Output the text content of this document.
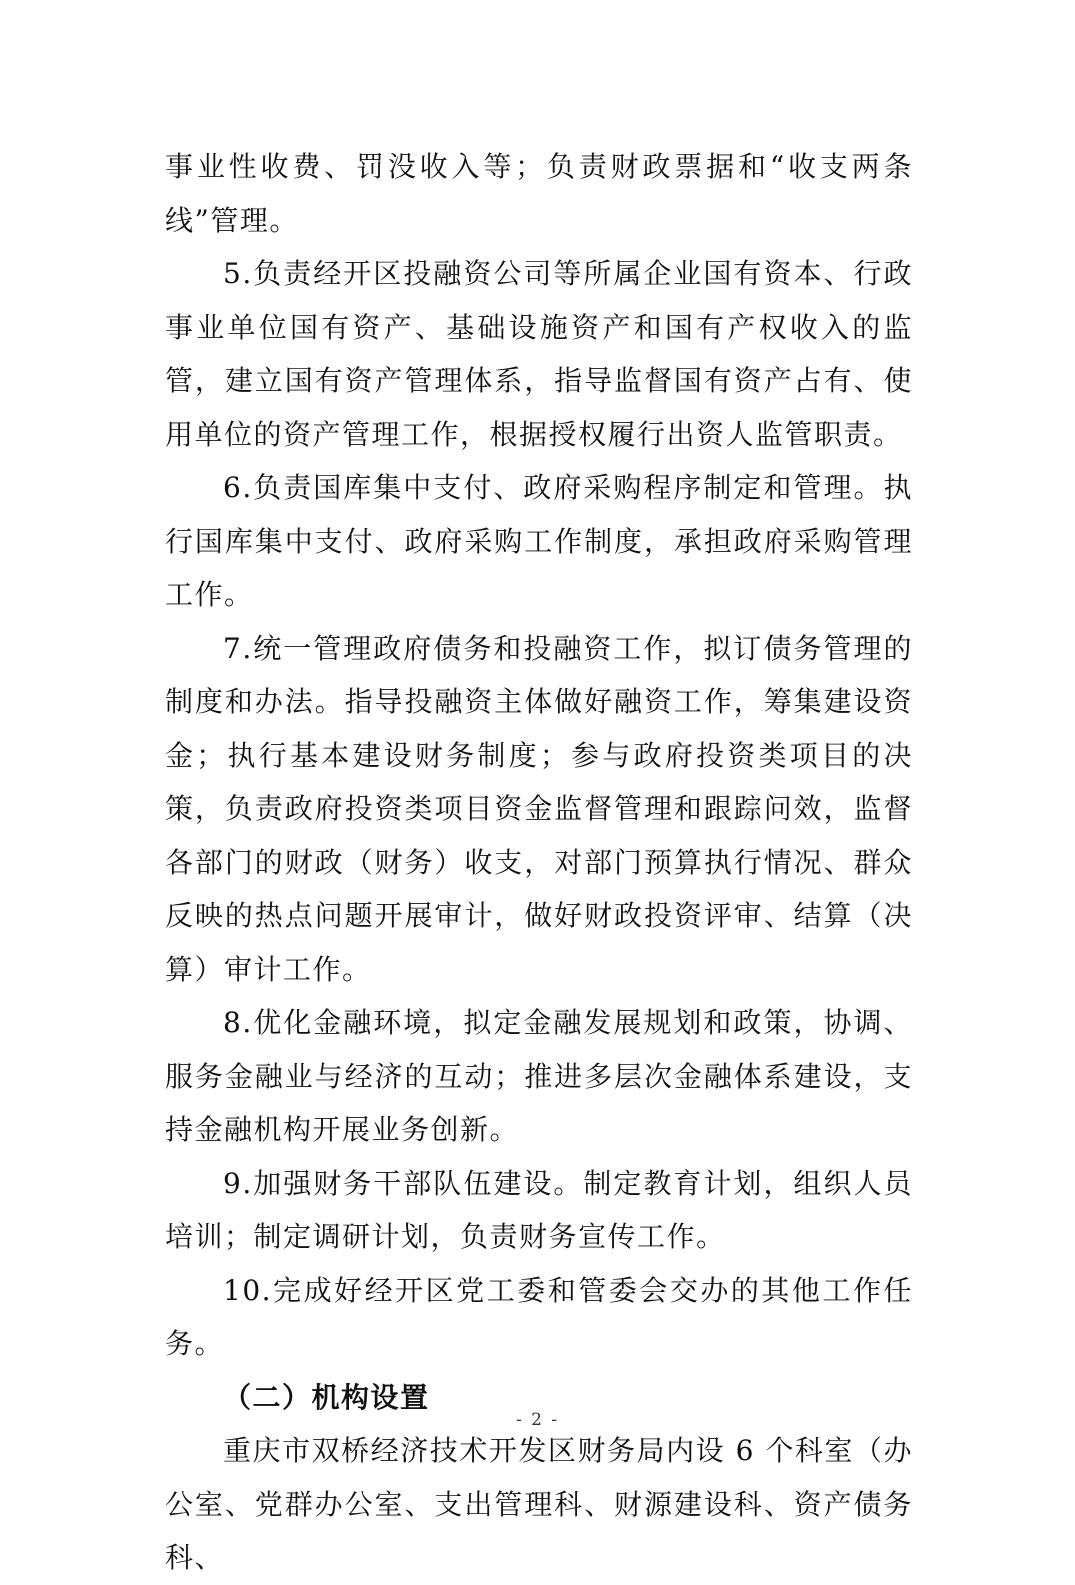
事业性收费、罚没收入等；负责财政票据和“收支两条线”管理。

5.负责经开区投融资公司等所属企业国有资本、行政事业单位国有资产、基础设施资产和国有产权收入的监管，建立国有资产管理体系，指导监督国有资产占有、使用单位的资产管理工作，根据授权履行出资人监管职责。

6.负责国库集中支付、政府采购程序制定和管理。执行国库集中支付、政府采购工作制度，承担政府采购管理工作。

7.统一管理政府债务和投融资工作，拟订债务管理的制度和办法。指导投融资主体做好融资工作，筹集建设资金；执行基本建设财务制度；参与政府投资类项目的决策，负责政府投资类项目资金监督管理和跟踪问效，监督各部门的财政（财务）收支，对部门预算执行情况、群众反映的热点问题开展审计，做好财政投资评审、结算（决算）审计工作。

8.优化金融环境，拟定金融发展规划和政策，协调、服务金融业与经济的互动；推进多层次金融体系建设，支持金融机构开展业务创新。

9.加强财务干部队伍建设。制定教育计划，组织人员培训；制定调研计划，负责财务宣传工作。

10.完成好经开区党工委和管委会交办的其他工作任务。

（二）机构设置

重庆市双桥经济技术开发区财务局内设 6 个科室（办公室、党群办公室、支出管理科、财源建设科、资产债务科、

- 2 -
